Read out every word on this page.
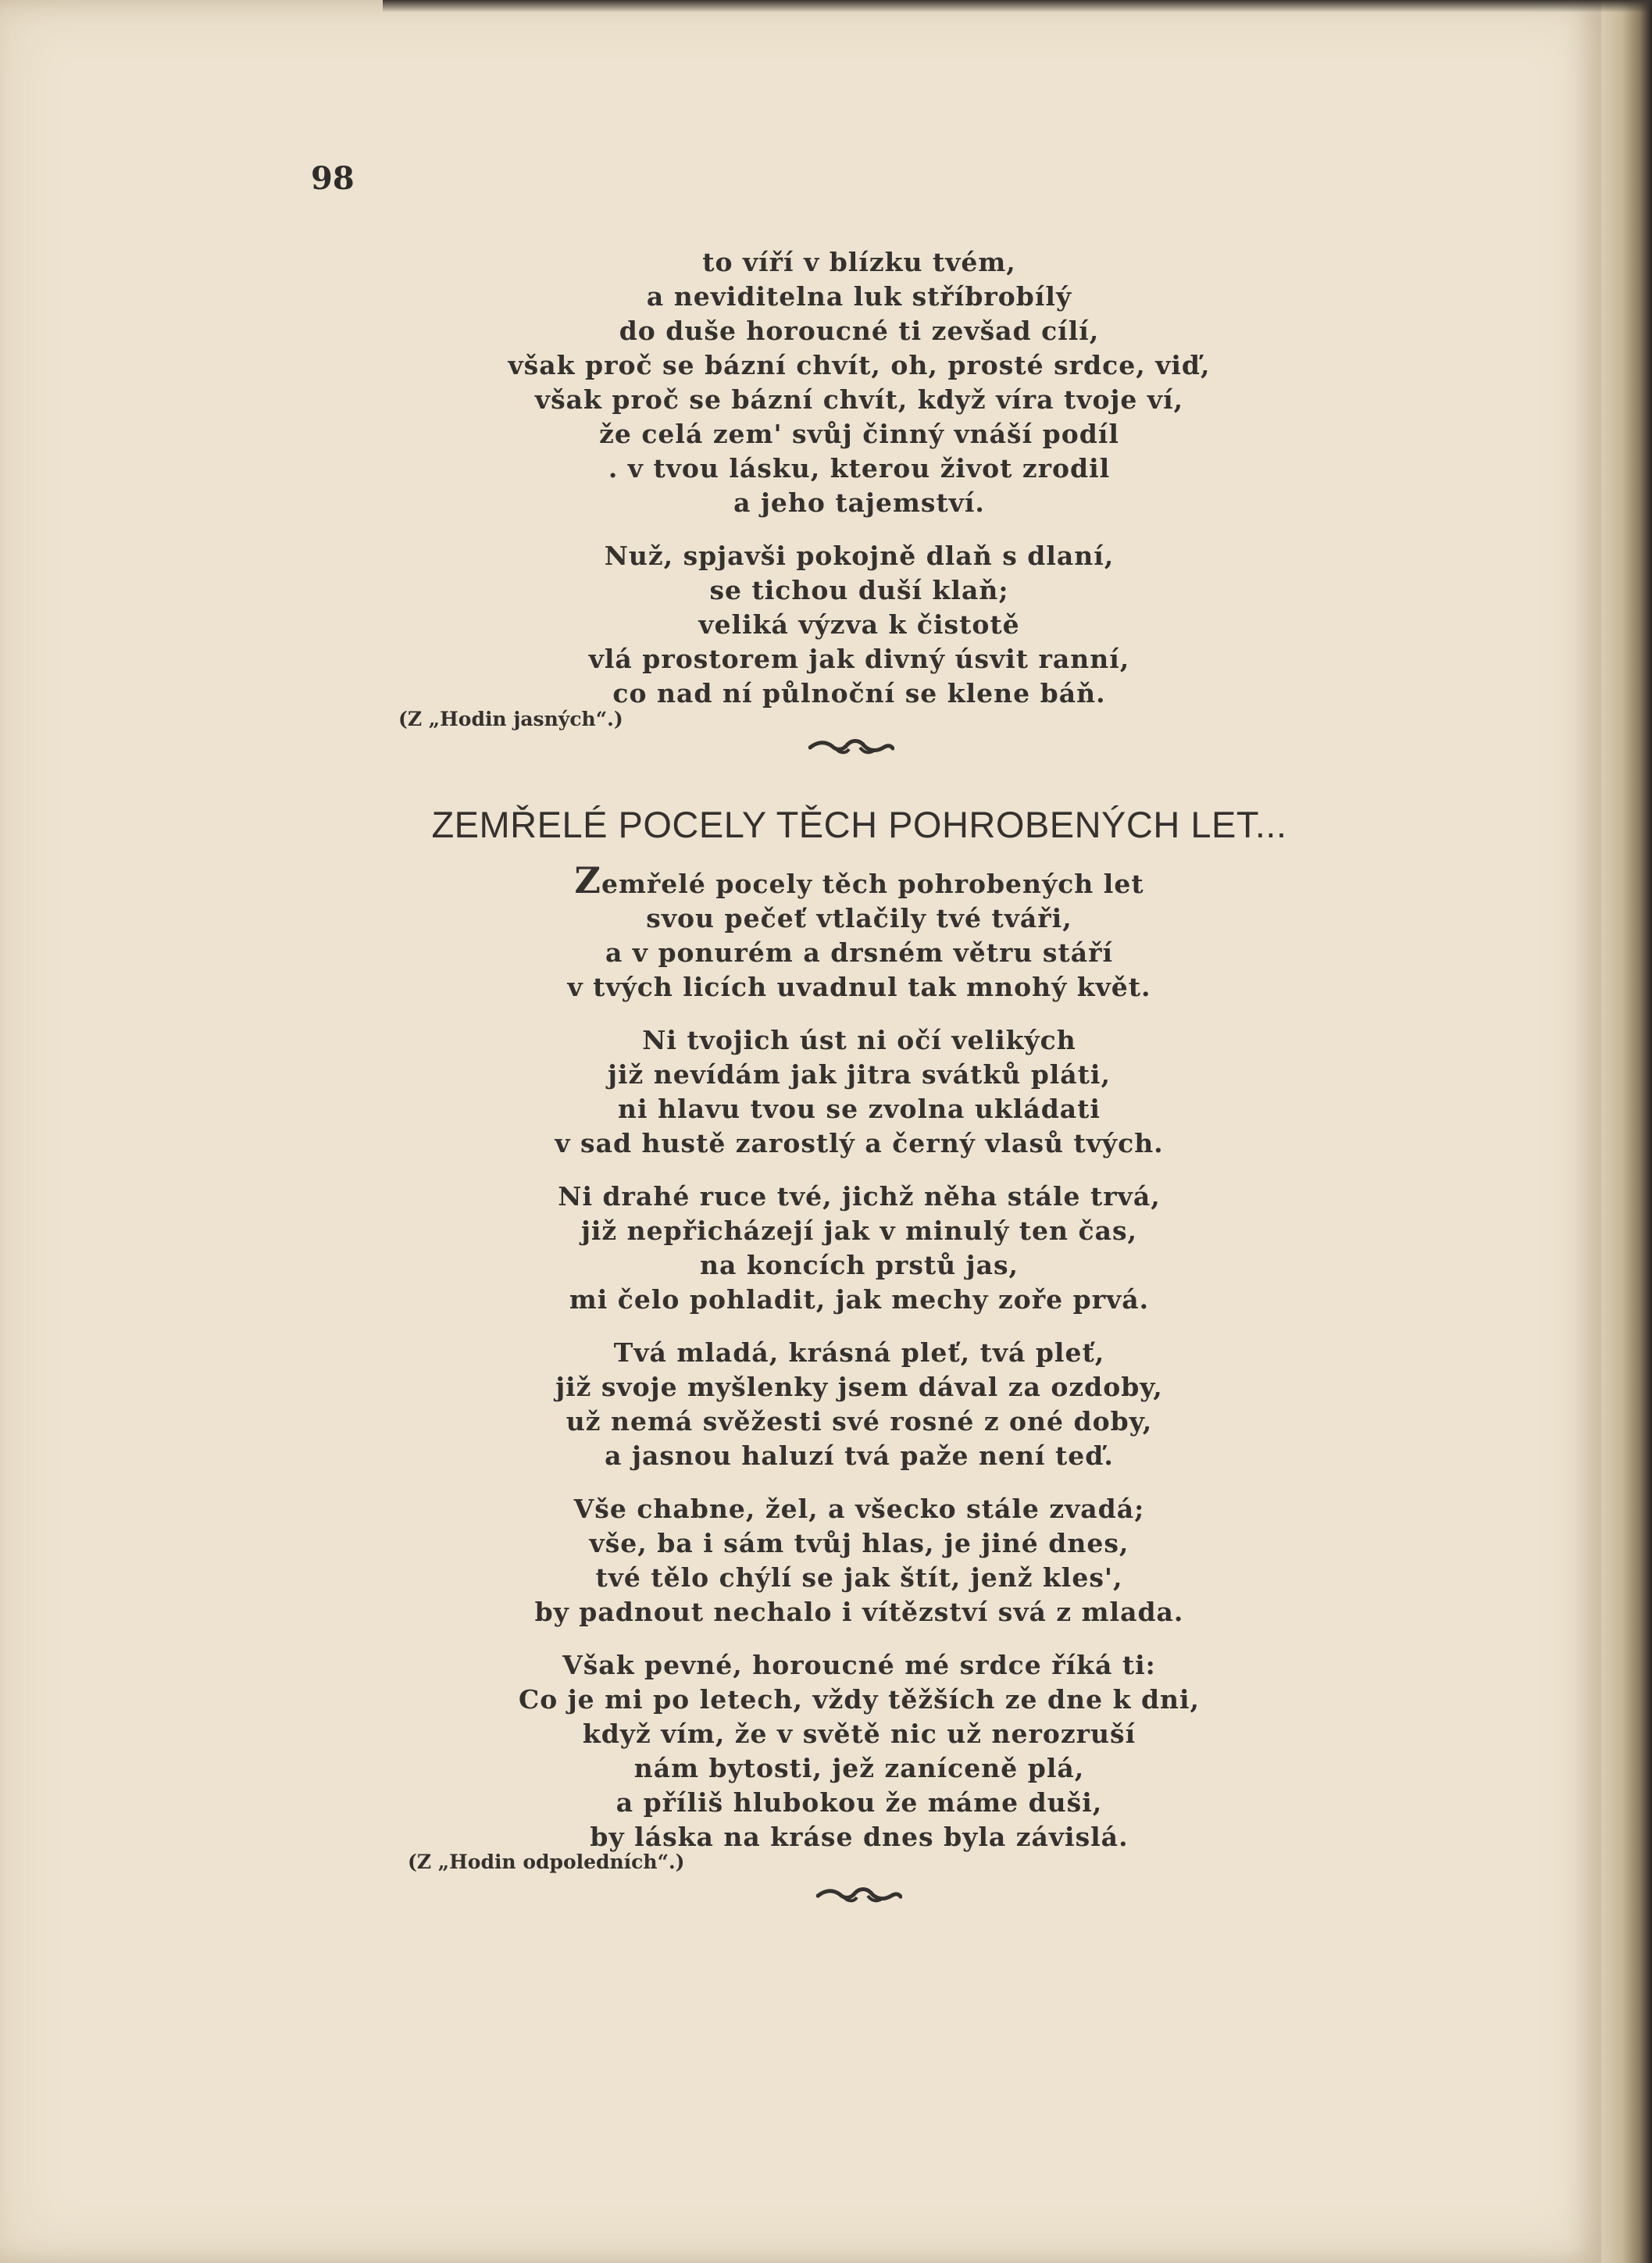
98
to víří v blízku tvém,
a neviditelna luk stříbrobílý
do duše horoucné ti zevšad cílí,
však proč se bázní chvít, oh, prosté srdce, viď,
však proč se bázní chvít, když víra tvoje ví,
že celá zem' svůj činný vnáší podíl
. v tvou lásku, kterou život zrodil
a jeho tajemství.
Nuž, spjavši pokojně dlaň s dlaní,
se tichou duší klaň;
veliká výzva k čistotě
vlá prostorem jak divný úsvit ranní,
co nad ní půlnoční se klene báň.
(Z „Hodin jasných“.)
ZEMŘELÉ POCELY TĚCH POHROBENÝCH LET...
Zemřelé pocely těch pohrobených let
svou pečeť vtlačily tvé tváři,
a v ponurém a drsném větru stáří
v tvých licích uvadnul tak mnohý květ.
Ni tvojich úst ni očí velikých
již nevídám jak jitra svátků pláti,
ni hlavu tvou se zvolna ukládati
v sad hustě zarostlý a černý vlasů tvých.
Ni drahé ruce tvé, jichž něha stále trvá,
již nepřicházejí jak v minulý ten čas,
na koncích prstů jas,
mi čelo pohladit, jak mechy zoře prvá.
Tvá mladá, krásná pleť, tvá pleť,
již svoje myšlenky jsem dával za ozdoby,
už nemá svěžesti své rosné z oné doby,
a jasnou haluzí tvá paže není teď.
Vše chabne, žel, a všecko stále zvadá;
vše, ba i sám tvůj hlas, je jiné dnes,
tvé tělo chýlí se jak štít, jenž kles',
by padnout nechalo i vítězství svá z mlada.
Však pevné, horoucné mé srdce říká ti:
Co je mi po letech, vždy těžších ze dne k dni,
když vím, že v světě nic už nerozruší
nám bytosti, jež zaníceně plá,
a příliš hlubokou že máme duši,
by láska na kráse dnes byla závislá.
(Z „Hodin odpoledních“.)
